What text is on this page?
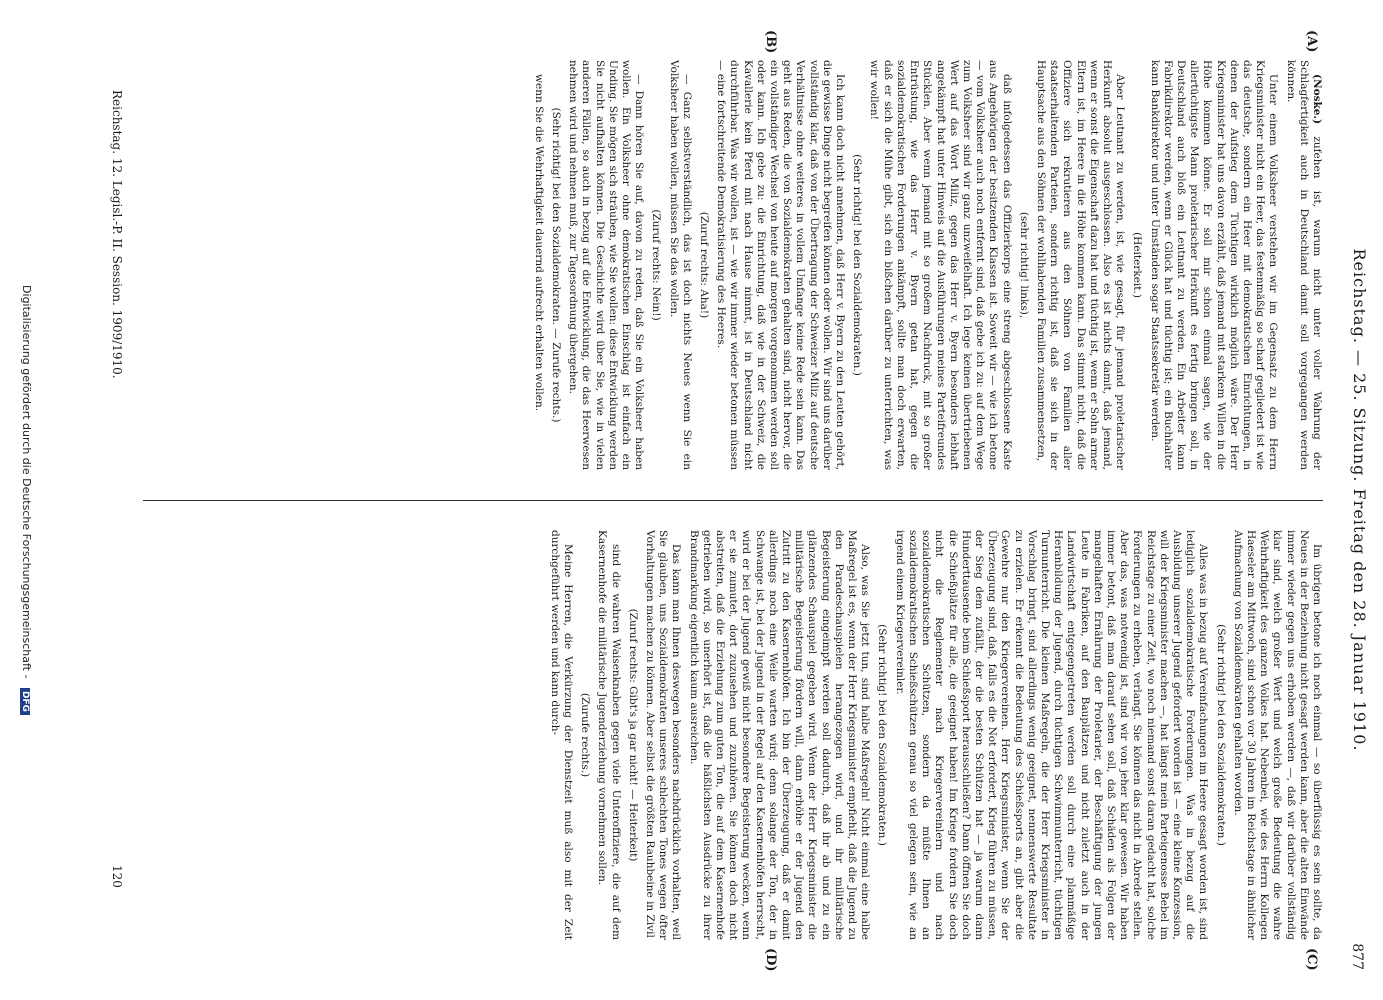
Reichstag. — 25. Sitzung. Freitag den 28. Januar 1910.
877
(A)
(B)
(C)
(D)

(Noske.) zufehen ist, warum nicht unter voller Wahrung der Schlagfertigkeit auch in Deutschland damit soll vorgegangen werden können.

Unter einem Volksheer verstehen wir im Gegensatz zu dem Herrn Kriegsminister nicht ein Heer, das festenmäßig so scharf gegliedert ist wie das deutsche, sondern ein Heer mit demokratischen Einrichtungen, in denen der Aufstieg dem Tüchtigen wirklich möglich wäre. Der Herr Kriegsminister hat uns davon erzählt, daß jemand mit starkem Willen in die Höhe kommen könne. Er soll mir schon einmal sagen, wie der allertüchtigste Mann proletarischer Herkunft es fertig bringen soll, in Deutschland auch bloß ein Leutnant zu werden. Ein Arbeiter kann Fabrikdirektor werden, wenn er Glück hat und tüchtig ist; ein Buchhalter kann Bankdirektor und unter Umständen sogar Staatssekretär werden.

(Heiterkeit.)

Aber Leutnant zu werden, ist, wie gesagt, für jemand proletarischer Herkunft absolut ausgeschlossen. Also es ist nichts damit, daß jemand, wenn er sonst die Eigenschaft dazu hat und tüchtig ist, wenn er Sohn armer Eltern ist, im Heere in die Höhe kommen kann. Das stimmt nicht, daß die Offiziere sich rekrutieren aus den Söhnen von Familien aller staatserhaltenden Parteien, sondern richtig ist, daß sie sich in der Hauptsache aus den Söhnen der wohlhabenden Familien zusammensetzen,

(sehr richtig! links),

daß infolgedessen das Offizierkorps eine streng abgeschlossene Kaste aus Angehörigen der besitzenden Klassen ist. Soweit wir — wie ich betone — vom Volksheer auch noch entfernt sind, daß gebe ich zu: auf dem Wege zum Volksheer sind wir ganz unzweifelhaft. Ich lege keinen übertriebenen Wert auf das Wort Miliz, gegen das Herr v. Byern besonders lebhaft angekämpft hat unter Hinweis auf die Ausführungen meines Parteifreundes Stücklen. Aber wenn jemand mit so großem Nachdruck, mit so großer Entrüstung, wie das Herr v. Byern getan hat, gegen die sozialdemokratischen Forderungen ankämpft, sollte man doch erwarten, daß er sich die Mühe gibt, sich ein bißchen darüber zu unterrichten, was wir wollen!

(Sehr richtig! bei den Sozialdemokraten.)

Ich kann doch nicht annehmen, daß Herr v. Byern zu den Leuten gehört, die gewisse Dinge nicht begreifen können oder wollen. Wir sind uns darüber vollständig klar, daß von der Übertragung der Schweizer Miliz auf deutsche Verhältnisse ohne weiteres in vollem Umfange keine Rede sein kann. Das geht aus Reden, die von Sozialdemokraten gehalten sind, nicht hervor, die ein vollständiger Wechsel von heute auf morgen vorgenommen werden soll oder kann. Ich gebe zu: die Einrichtung, daß wie in der Schweiz, die Kavallerie kein Pferd mit nach Hause nimmt, ist in Deutschland nicht durchführbar. Was wir wollen, ist — wie wir immer wieder betonen müssen — eine fortschreitende Demokratisierung des Heeres.

(Zuruf rechts: Aha!)

— Ganz selbstverständlich, das ist doch nichts Neues wenn Sie ein Volksheer haben wollen, müssen Sie das wollen.

(Zuruf rechts: Nein!)

— Dann hören Sie auf, davon zu reden, daß Sie ein Volksheer haben wollen. Ein Volksheer ohne demokratischen Einschlag ist einfach ein Unding. Sie mögen sich sträuben, wie Sie wollen: diese Entwicklung werden Sie nicht aufhalten können. Die Geschichte wird über Sie, wie in vielen anderen Fällen, so auch in bezug auf die Entwicklung, die das Heerwesen nehmen wird und nehmen muß, zur Tagesordnung übergehen.

(Sehr richtig! bei den Sozialdemokraten. — Zurufe rechts.)

wenn Sie die Wehrhaftigkeit dauernd aufrecht erhalten wollen.

Im übrigen betone ich noch einmal — so überflüssig es sein sollte, da Neues in der Beziehung nicht gesagt werden kann, aber die alten Einwände immer wieder gegen uns erhoben werden —, daß wir darüber vollständig klar sind, welch großer Wert und welch große Bedeutung die wahre Wehrhaftigkeit des ganzen Volkes hat. Nebenbei, wie des Herrn Kollegen Haeseler am Mittwoch, sind schon vor 30 Jahren im Reichstage in ähnlicher Aufmachung von Sozialdemokraten gehalten worden.

(Sehr richtig! bei den Sozialdemokraten.)

Alles was in bezug auf Vereinfachungen im Heere gesagt worden ist, sind lediglich sozialdemokratische Forderungen. Was in bezug auf die Ausbildung unserer Jugend gefordert worden ist — eine kleine Konzession, will der Kriegsminister machen —, hat längst mein Parteigenosse Bebel im Reichstage zu einer Zeit, wo noch niemand sonst daran gedacht hat, solche Forderungen zu erheben, verlangt. Sie können das nicht in Abrede stellen. Aber das, was notwendig ist, sind wir von jeher klar gewesen. Wir haben immer betont, daß man darauf sehen soll, daß Schäden als Folgen der mangelhaften Ernährung der Proletarier, der Beschäftigung der jungen Leute in Fabriken, auf den Bauplätzen und nicht zuletzt auch in der Landwirtschaft entgegengetreten werden soll durch eine planmäßige Heranbildung der Jugend, durch tüchtigen Schwimmunterricht, tüchtigen Turnunterricht. Die kleinen Maßregeln, die der Herr Kriegsminister in Vorschlag bringt, sind allerdings wenig geeignet, nennenswerte Resultate zu erzielen. Er erkennt die Bedeutung des Schießsports an, gibt aber die Gewehre nur den Kriegervereinen. Herr Kriegsminister, wenn Sie der Überzeugung sind, daß, falls es die Not erfordert, Krieg führen zu müssen, der Sieg dem zufällt, der die besten Schützen hat — ja warum dann Hunderttausende beim Schießsport herausschließen? Dann öffnen Sie doch die Schießplätze für alle, die geeignet haben! Im Kriege fordern Sie doch nicht die Reglementer nach Kriegervereinlern und nach sozialdemokratischen Schützen, sondern da müßte Ihnen an sozialdemokratischen Schießschützen genau so viel gelegen sein, wie an irgend einem Kriegervereinler.

(Sehr richtig! bei den Sozialdemokraten.)

Also, was Sie jetzt tun, sind halbe Maßregeln! Nicht einmal eine halbe Maßregel ist es, wenn der Herr Kriegsminister empfiehlt, daß die Jugend zu den Paradeschauspielen herangezogen wird, und ihr militärische Begeisterung eingeimpft werden soll dadurch, daß ihr ab und zu ein glänzendes Schauspiel gegeben wird. Wenn der Herr Kriegsminister die militärische Begeisterung fördern will, dann erhöhe er der Jugend den Zutritt zu den Kasernenhöfen. Ich bin der Überzeugung, daß er damit allerdings noch eine Weile warten wird; denn solange der Ton, der in Schwange ist, bei der Jugend in der Regel auf den Kasernenhöfen herrscht, wird er bei der Jugend gewiß nicht besondere Begeisterung wecken, wenn er sie zumutet, dort zuzusehen und zuzuhören. Sie können doch nicht abstreiten, daß die Erziehung zum guten Ton, die auf dem Kasernenhofe getrieben wird, so unerhört ist, daß die häßlichsten Ausdrücke zu ihrer Brandmarkung eigentlich kaum ausreichen.

Das kann man Ihnen deswegen besonders nachdrücklich vorhalten, weil Sie glauben, uns Sozialdemokraten unseres schlechten Tones wegen öfter Vorhaltungen machen zu können. Aber selbst die größten Rauhbeine in Zivil

(Zuruf rechts: Gibt's ja gar nicht! — Heiterkeit)

sind die wahren Waisenknaben gegen viele Unteroffiziere, die auf dem Kasernenhofe die militärische Jugenderziehung vornehmen sollen.

(Zurufe rechts.)

Meine Herren, die Verkürzung der Dienstzeit muß also mit der Zeit durchgeführt werden und kann durch-

Reichstag. 12. Legisl.-P. II. Session. 1909/1910.
120
Digitalisierung gefördert durch die Deutsche Forschungsgemeinschaft - DFG
